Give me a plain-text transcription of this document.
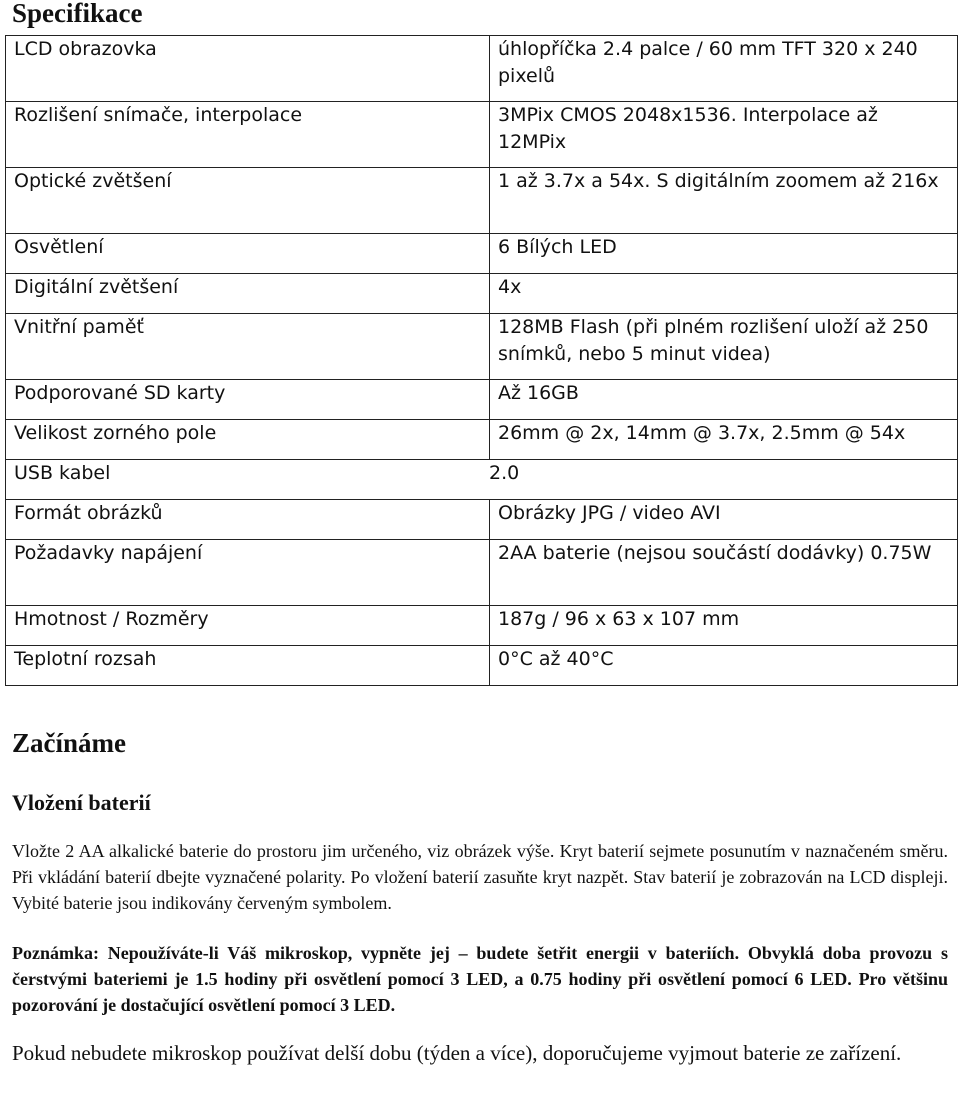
Specifikace
LCD obrazovka	úhlopříčka 2.4 palce / 60 mm TFT 320 x 240 pixelů
Rozlišení snímače, interpolace	3MPix CMOS 2048x1536. Interpolace až 12MPix
Optické zvětšení	1 až 3.7x a 54x. S digitálním zoomem až 216x
Osvětlení	6 Bílých LED
Digitální zvětšení	4x
Vnitřní paměť	128MB Flash (při plném rozlišení uloží až 250 snímků, nebo 5 minut videa)
Podporované SD karty	Až 16GB
Velikost zorného pole	26mm @ 2x, 14mm @ 3.7x, 2.5mm @ 54x
USB kabel 2.0	
Formát obrázků	Obrázky JPG / video AVI
Požadavky napájení	2AA baterie (nejsou součástí dodávky) 0.75W
Hmotnost / Rozměry	187g / 96 x 63 x 107 mm
Teplotní rozsah	0°C až 40°C
Začínáme
Vložení baterií

Vložte 2 AA alkalické baterie do prostoru jim určeného, viz obrázek výše. Kryt baterií sejmete posunutím v naznačeném směru. Při vkládání baterií dbejte vyznačené polarity. Po vložení baterií zasuňte kryt nazpět. Stav baterií je zobrazován na LCD displeji. Vybité baterie jsou indikovány červeným symbolem.

Poznámka: Nepoužíváte-li Váš mikroskop, vypněte jej – budete šetřit energii v bateriích. Obvyklá doba provozu s čerstvými bateriemi je 1.5 hodiny při osvětlení pomocí 3 LED, a 0.75 hodiny při osvětlení pomocí 6 LED. Pro většinu pozorování je dostačující osvětlení pomocí 3 LED.

Pokud nebudete mikroskop používat delší dobu (týden a více), doporučujeme vyjmout baterie ze zařízení.
